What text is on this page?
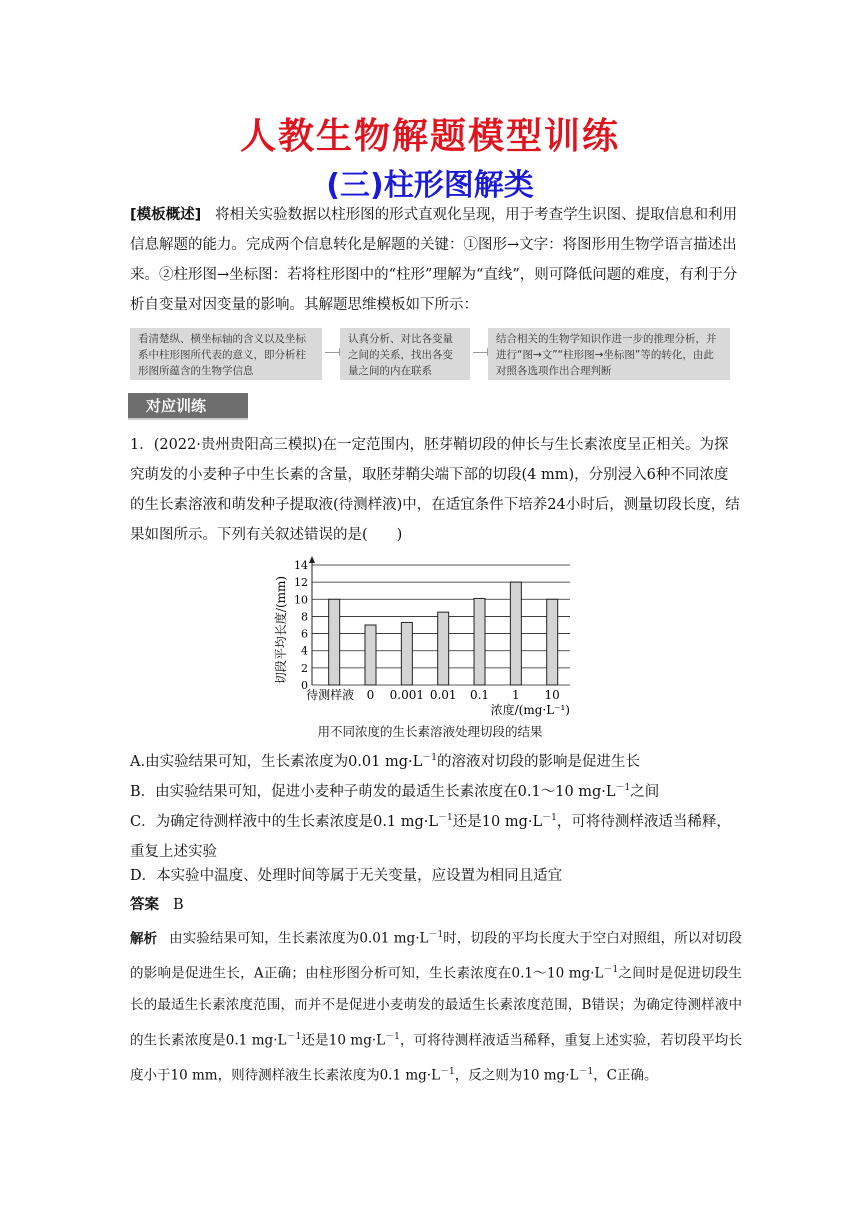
人教生物解题模型训练
(三)柱形图解类
[模板概述] 将相关实验数据以柱形图的形式直观化呈现，用于考查学生识图、提取信息和利用信息解题的能力。完成两个信息转化是解题的关键：①图形→文字：将图形用生物学语言描述出来。②柱形图→坐标图：若将柱形图中的“柱形”理解为“直线”，则可降低问题的难度，有利于分析自变量对因变量的影响。其解题思维模板如下所示：
看清楚纵、横坐标轴的含义以及坐标系中柱形图所代表的意义，即分析柱形图所蕴含的生物学信息
认真分析、对比各变量之间的关系，找出各变量之间的内在联系
结合相关的生物学知识作进一步的推理分析，并进行“图→文”“柱形图→坐标图”等的转化，由此对照各选项作出合理判断
对应训练
1．(2022·贵州贵阳高三模拟)在一定范围内，胚芽鞘切段的伸长与生长素浓度呈正相关。为探究萌发的小麦种子中生长素的含量，取胚芽鞘尖端下部的切段(4 mm)，分别浸入6种不同浓度的生长素溶液和萌发种子提取液(待测样液)中，在适宜条件下培养24小时后，测量切段长度，结果如图所示。下列有关叙述错误的是(　　)
0
2
4
6
8
10
12
14
待测样液 0 0.001 0.01 0.1 1 10
切段平均长度/(mm)
浓度/(mg·L⁻¹)
用不同浓度的生长素溶液处理切段的结果
A.由实验结果可知，生长素浓度为0.01 $mg\cdot L^{-1}$的溶液对切段的影响是促进生长
B．由实验结果可知，促进小麦种子萌发的最适生长素浓度在0.1～10 $mg\cdot L^{-1}$之间
C．为确定待测样液中的生长素浓度是0.1 $mg\cdot L^{-1}$还是10 $mg\cdot L^{-1}$，可将待测样液适当稀释，重复上述实验
D．本实验中温度、处理时间等属于无关变量，应设置为相同且适宜
答案 B
解析 由实验结果可知，生长素浓度为0.01 $mg\cdot L^{-1}$时，切段的平均长度大于空白对照组，所以对切段的影响是促进生长，A正确；由柱形图分析可知，生长素浓度在0.1～10 $mg\cdot L^{-1}$之间时是促进切段生长的最适生长素浓度范围，而并不是促进小麦萌发的最适生长素浓度范围，B错误；为确定待测样液中的生长素浓度是0.1 $mg\cdot L^{-1}$还是10 $mg\cdot L^{-1}$，可将待测样液适当稀释，重复上述实验，若切段平均长度小于10 mm，则待测样液生长素浓度为0.1 $mg\cdot L^{-1}$，反之则为10 $mg\cdot L^{-1}$，C正确。
